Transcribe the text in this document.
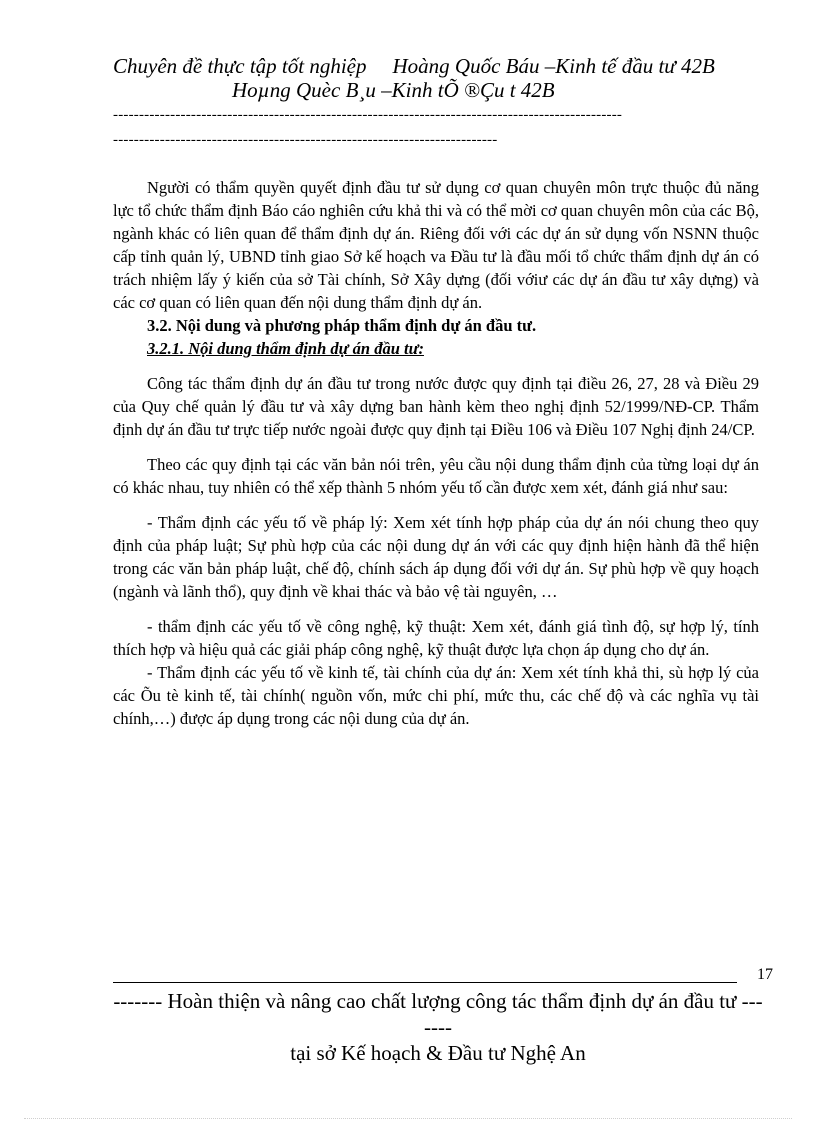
Chuyên đề thực tập tốt nghiệp Hoàng Quốc Báu –Kinh tế đầu tư 42B
Hoµng Quèc B¸u –Kinh tÕ ®Çu t 42B
--------------------------------------------------------------------------------------------------
--------------------------------------------------------------------------

Người có thẩm quyền quyết định đầu tư sử dụng cơ quan chuyên môn trực thuộc đủ năng lực tổ chức thẩm định Báo cáo nghiên cứu khả thi và có thể mời cơ quan chuyên môn của các Bộ, ngành khác có liên quan để thẩm định dự án. Riêng đối với các dự án sử dụng vốn NSNN thuộc cấp tỉnh quản lý, UBND tỉnh giao Sở kế hoạch va Đầu tư là đầu mối tổ chức thẩm định dự án có trách nhiệm lấy ý kiến của sở Tài chính, Sở Xây dựng (đối vớiư các dự án đầu tư xây dựng) và các cơ quan có liên quan đến nội dung thẩm định dự án.

3.2. Nội dung và phương pháp thẩm định dự án đầu tư.

3.2.1. Nội dung thẩm định dự án đầu tư:

Công tác thẩm định dự án đầu tư trong nước được quy định tại điều 26, 27, 28 và Điều 29 của Quy chế quản lý đầu tư và xây dựng ban hành kèm theo nghị định 52/1999/NĐ-CP. Thẩm định dự án đầu tư trực tiếp nước ngoài được quy định tại Điều 106 và Điều 107 Nghị định 24/CP.

Theo các quy định tại các văn bản nói trên, yêu cầu nội dung thẩm định của từng loại dự án có khác nhau, tuy nhiên có thể xếp thành 5 nhóm yếu tố cần được xem xét, đánh giá như sau:

- Thẩm định các yếu tố về pháp lý: Xem xét tính hợp pháp của dự án nói chung theo quy định của pháp luật; Sự phù hợp của các nội dung dự án với các quy định hiện hành đã thể hiện trong các văn bản pháp luật, chế độ, chính sách áp dụng đối với dự án. Sự phù hợp về quy hoạch (ngành và lãnh thổ), quy định về khai thác và bảo vệ tài nguyên, …

- thẩm định các yếu tố về công nghệ, kỹ thuật: Xem xét, đánh giá tình độ, sự hợp lý, tính thích hợp và hiệu quả các giải pháp công nghệ, kỹ thuật được lựa chọn áp dụng cho dự án.

- Thẩm định các yếu tố về kinh tế, tài chính của dự án: Xem xét tính khả thi, sù hợp lý của các Õu tè kinh tế, tài chính( nguồn vốn, mức chi phí, mức thu, các chế độ và các nghĩa vụ tài chính,…) được áp dụng trong các nội dung của dự án.

17
------- Hoàn thiện và nâng cao chất lượng công tác thẩm định dự án đầu tư -------
tại sở Kế hoạch & Đầu tư Nghệ An
